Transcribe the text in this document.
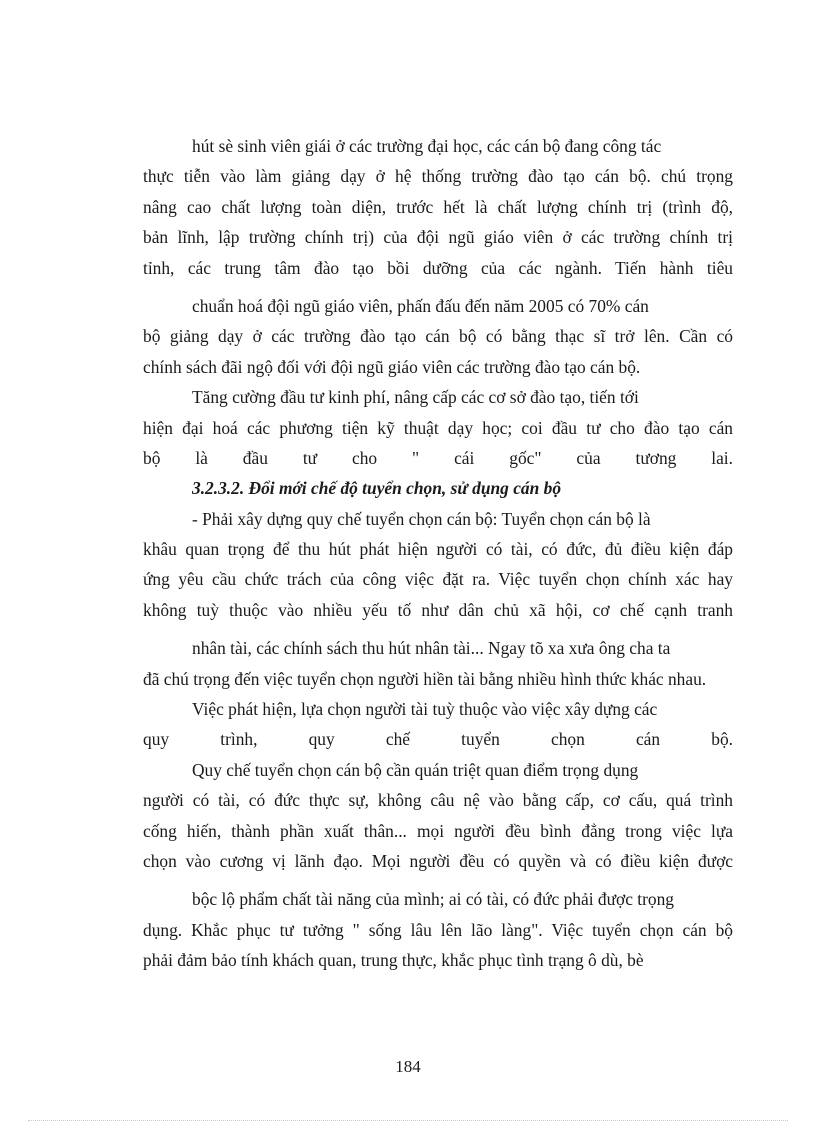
hút sè sinh viên giái ở các trường đại học, các cán bộ đang công tác
thực tiễn vào làm giảng dạy ở hệ thống trường đào tạo cán bộ. chú trọng
nâng cao chất lượng toàn diện, trước hết là chất lượng chính trị (trình độ,
bản lĩnh, lập trường chính trị) của đội ngũ giáo viên ở các trường chính trị
tỉnh, các trung tâm đào tạo bồi dưỡng của các ngành. Tiến hành tiêu
chuẩn hoá đội ngũ giáo viên, phấn đấu đến năm 2005 có 70% cán
bộ giảng dạy ở các trường đào tạo cán bộ có bằng thạc sĩ trở lên. Cần có
chính sách đãi ngộ đối với đội ngũ giáo viên các trường đào tạo cán bộ.
Tăng cường đầu tư kinh phí, nâng cấp các cơ sở đào tạo, tiến tới
hiện đại hoá các phương tiện kỹ thuật dạy học; coi đầu tư cho đào tạo cán
bộ là đầu tư cho " cái gốc" của tương lai.
3.2.3.2. Đổi mới chế độ tuyển chọn, sử dụng cán bộ
- Phải xây dựng quy chế tuyển chọn cán bộ: Tuyển chọn cán bộ là
khâu quan trọng để thu hút phát hiện người có tài, có đức, đủ điều kiện đáp
ứng yêu cầu chức trách của công việc đặt ra. Việc tuyển chọn chính xác hay
không tuỳ thuộc vào nhiều yếu tố như dân chủ xã hội, cơ chế cạnh tranh
nhân tài, các chính sách thu hút nhân tài... Ngay tõ xa xưa ông cha ta
đã chú trọng đến việc tuyển chọn người hiền tài bằng nhiều hình thức khác nhau.
Việc phát hiện, lựa chọn người tài tuỳ thuộc vào việc xây dựng các
quy trình, quy chế tuyển chọn cán bộ.
Quy chế tuyển chọn cán bộ cần quán triệt quan điểm trọng dụng
người có tài, có đức thực sự, không câu nệ vào bằng cấp, cơ cấu, quá trình
cống hiến, thành phần xuất thân... mọi người đều bình đẳng trong việc lựa
chọn vào cương vị lãnh đạo. Mọi người đều có quyền và có điều kiện được
bộc lộ phẩm chất tài năng của mình; ai có tài, có đức phải được trọng
dụng. Khắc phục tư tưởng " sống lâu lên lão làng". Việc tuyển chọn cán bộ
phải đảm bảo tính khách quan, trung thực, khắc phục tình trạng ô dù, bè
184
